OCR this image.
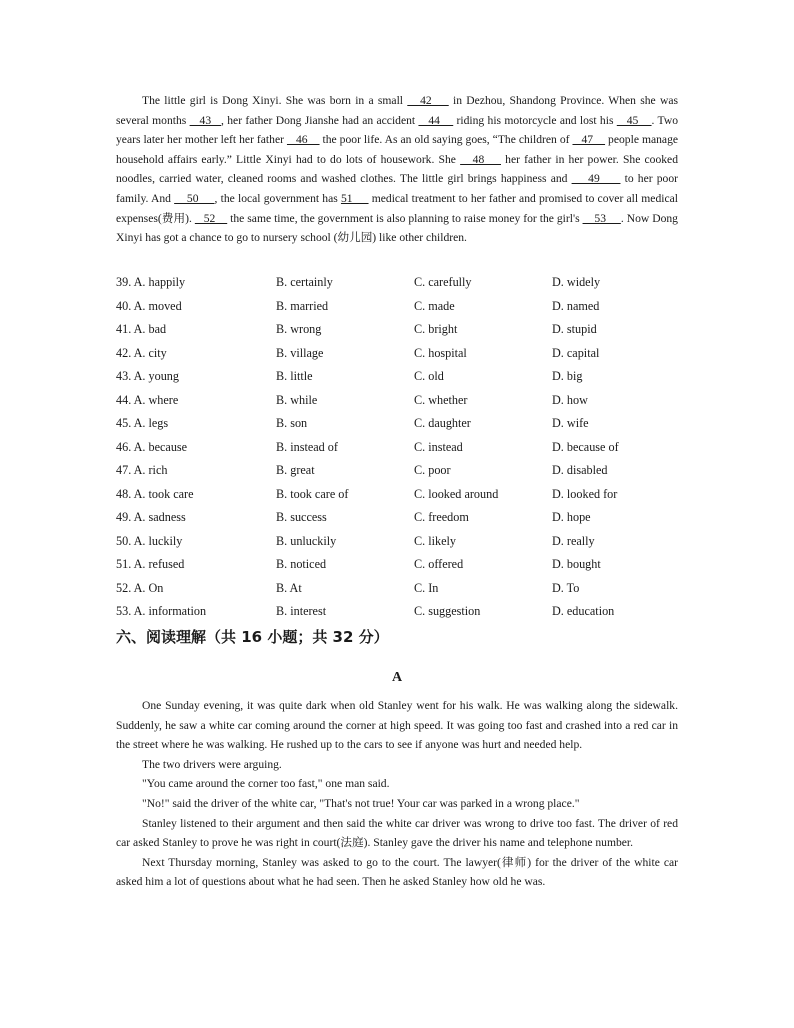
The little girl is Dong Xinyi. She was born in a small    42     in Dezhou, Shandong Province. When she was several months    43   , her father Dong Jianshe had an accident    44     riding his motorcycle and lost his    45    . Two years later her mother left her father    46     the poor life. As an old saying goes, “The children of    47     people manage household affairs early.” Little Xinyi had to do lots of housework. She    48     her father in her power. She cooked noodles, carried water, cleaned rooms and washed clothes. The little girl brings happiness and     49      to her poor family. And     50     , the local government has 51      medical treatment to her father and promised to cover all medical expenses(费用).    52     the same time, the government is also planning to raise money for the girl's     53     . Now Dong Xinyi has got a chance to go to nursery school (幼儿园) like other children.

39. A. happily	B. certainly	C. carefully	D. widely
40. A. moved	B. married	C. made	D. named
41. A. bad	B. wrong	C. bright	D. stupid
42. A. city	B. village	C. hospital	D. capital
43. A. young	B. little	C. old	D. big
44. A. where	B. while	C. whether	D. how
45. A. legs	B. son	C. daughter	D. wife
46. A. because	B. instead of	C. instead	D. because of
47. A. rich	B. great	C. poor	D. disabled
48. A. took care	B. took care of	C. looked around	D. looked for
49. A. sadness	B. success	C. freedom	D. hope
50. A. luckily	B. unluckily	C. likely	D. really
51. A. refused	B. noticed	C. offered	D. bought
52. A. On	B. At	C. In	D. To
53. A. information	B. interest	C. suggestion	D. education
六、阅读理解（共 16 小题；共 32 分）
A

One Sunday evening, it was quite dark when old Stanley went for his walk. He was walking along the sidewalk. Suddenly, he saw a white car coming around the corner at high speed. It was going too fast and crashed into a red car in the street where he was walking. He rushed up to the cars to see if anyone was hurt and needed help.

The two drivers were arguing.

"You came around the corner too fast," one man said.

"No!" said the driver of the white car, "That's not true! Your car was parked in a wrong place."

Stanley listened to their argument and then said the white car driver was wrong to drive too fast. The driver of red car asked Stanley to prove he was right in court(法庭). Stanley gave the driver his name and telephone number.

Next Thursday morning, Stanley was asked to go to the court. The lawyer(律师) for the driver of the white car asked him a lot of questions about what he had seen. Then he asked Stanley how old he was.
